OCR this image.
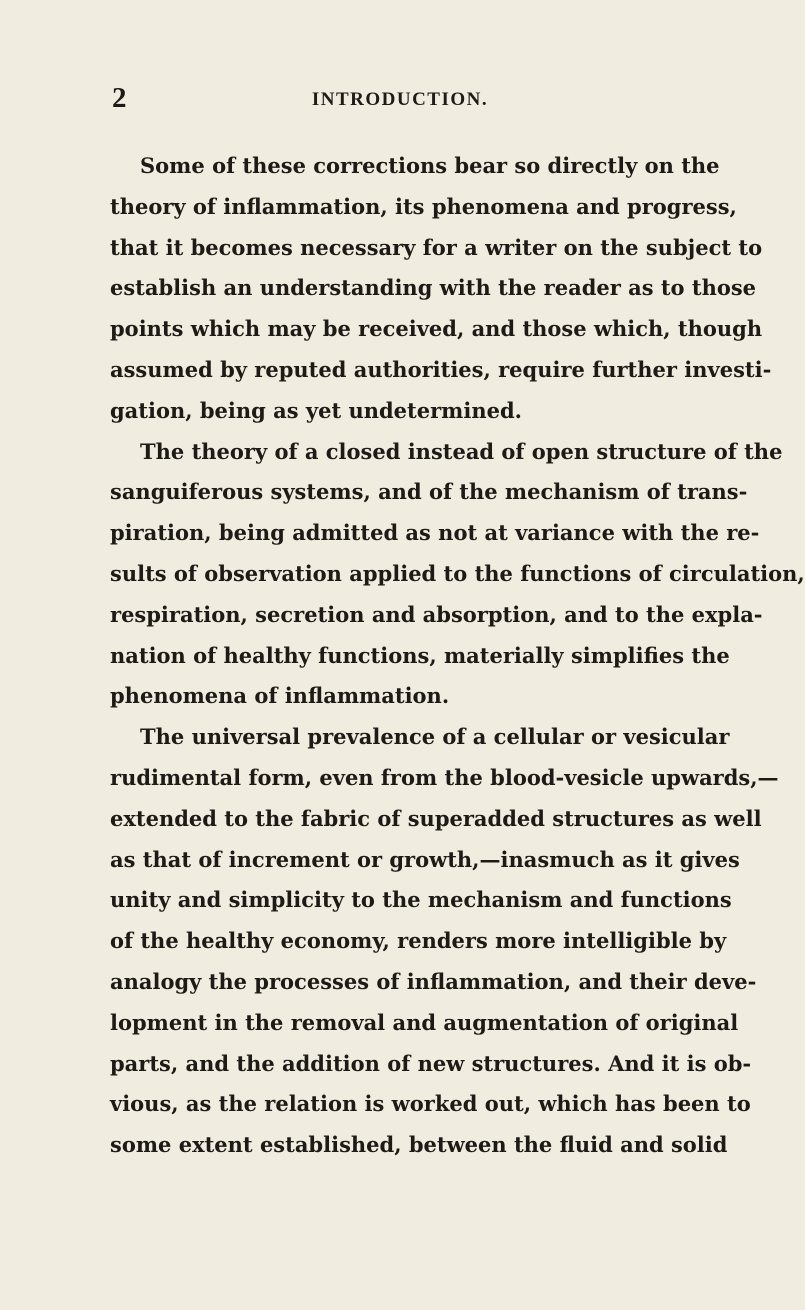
2	INTRODUCTION.
Some of these corrections bear so directly on the
theory of inflammation, its phenomena and progress,
that it becomes necessary for a writer on the subject to
establish an understanding with the reader as to those
points which may be received, and those which, though
assumed by reputed authorities, require further investi-
gation, being as yet undetermined.
The theory of a closed instead of open structure of the
sanguiferous systems, and of the mechanism of trans-
piration, being admitted as not at variance with the re-
sults of observation applied to the functions of circulation,
respiration, secretion and absorption, and to the expla-
nation of healthy functions, materially simplifies the
phenomena of inflammation.
The universal prevalence of a cellular or vesicular
rudimental form, even from the blood-vesicle upwards,—
extended to the fabric of superadded structures as well
as that of increment or growth,—inasmuch as it gives
unity and simplicity to the mechanism and functions
of the healthy economy, renders more intelligible by
analogy the processes of inflammation, and their deve-
lopment in the removal and augmentation of original
parts, and the addition of new structures. And it is ob-
vious, as the relation is worked out, which has been to
some extent established, between the fluid and solid
